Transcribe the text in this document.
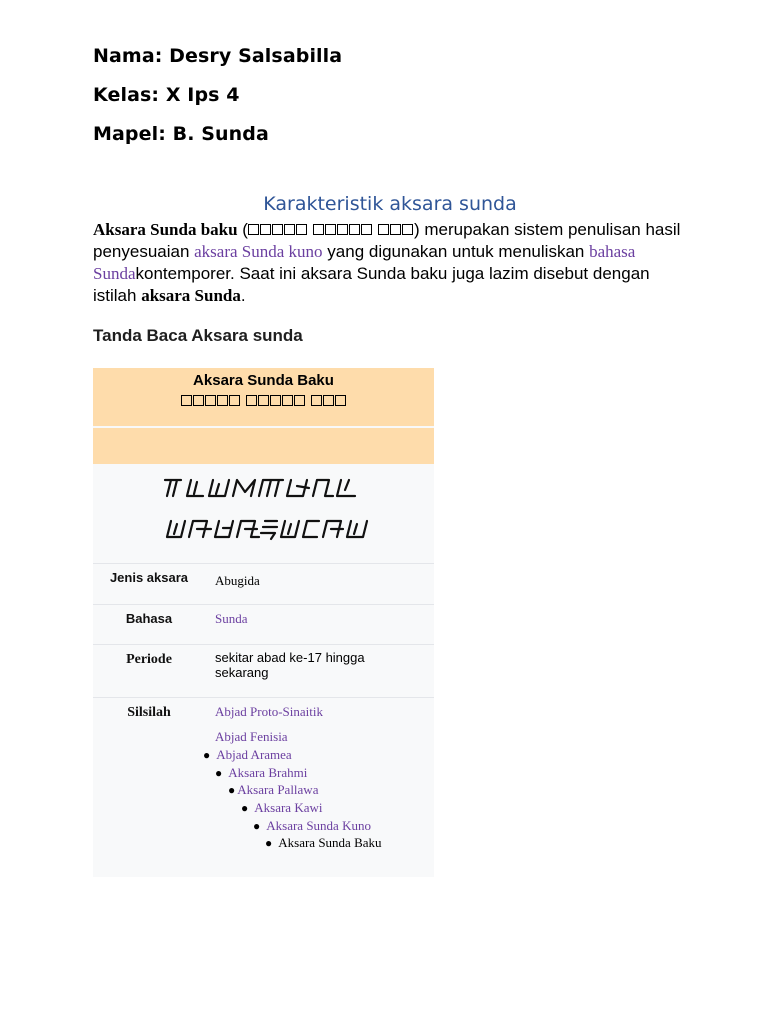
Nama: Desry Salsabilla
Kelas: X Ips 4
Mapel: B. Sunda
Karakteristik aksara sunda
Aksara Sunda baku (	) merupakan sistem penulisan hasil penyesuaian aksara Sunda kuno yang digunakan untuk menuliskan bahasa Sundakontemporer. Saat ini aksara Sunda baku juga lazim disebut dengan istilah aksara Sunda.
Tanda Baca Aksara sunda
Aksara Sunda Baku
Jenis aksara	Abugida
Bahasa	Sunda
Periode	sekitar abad ke-17 hingga sekarang
Silsilah	Abjad Proto-Sinaitik
Abjad Fenisia
● Abjad Aramea
● Aksara Brahmi
● Aksara Pallawa
● Aksara Kawi
● Aksara Sunda Kuno
● Aksara Sunda Baku
